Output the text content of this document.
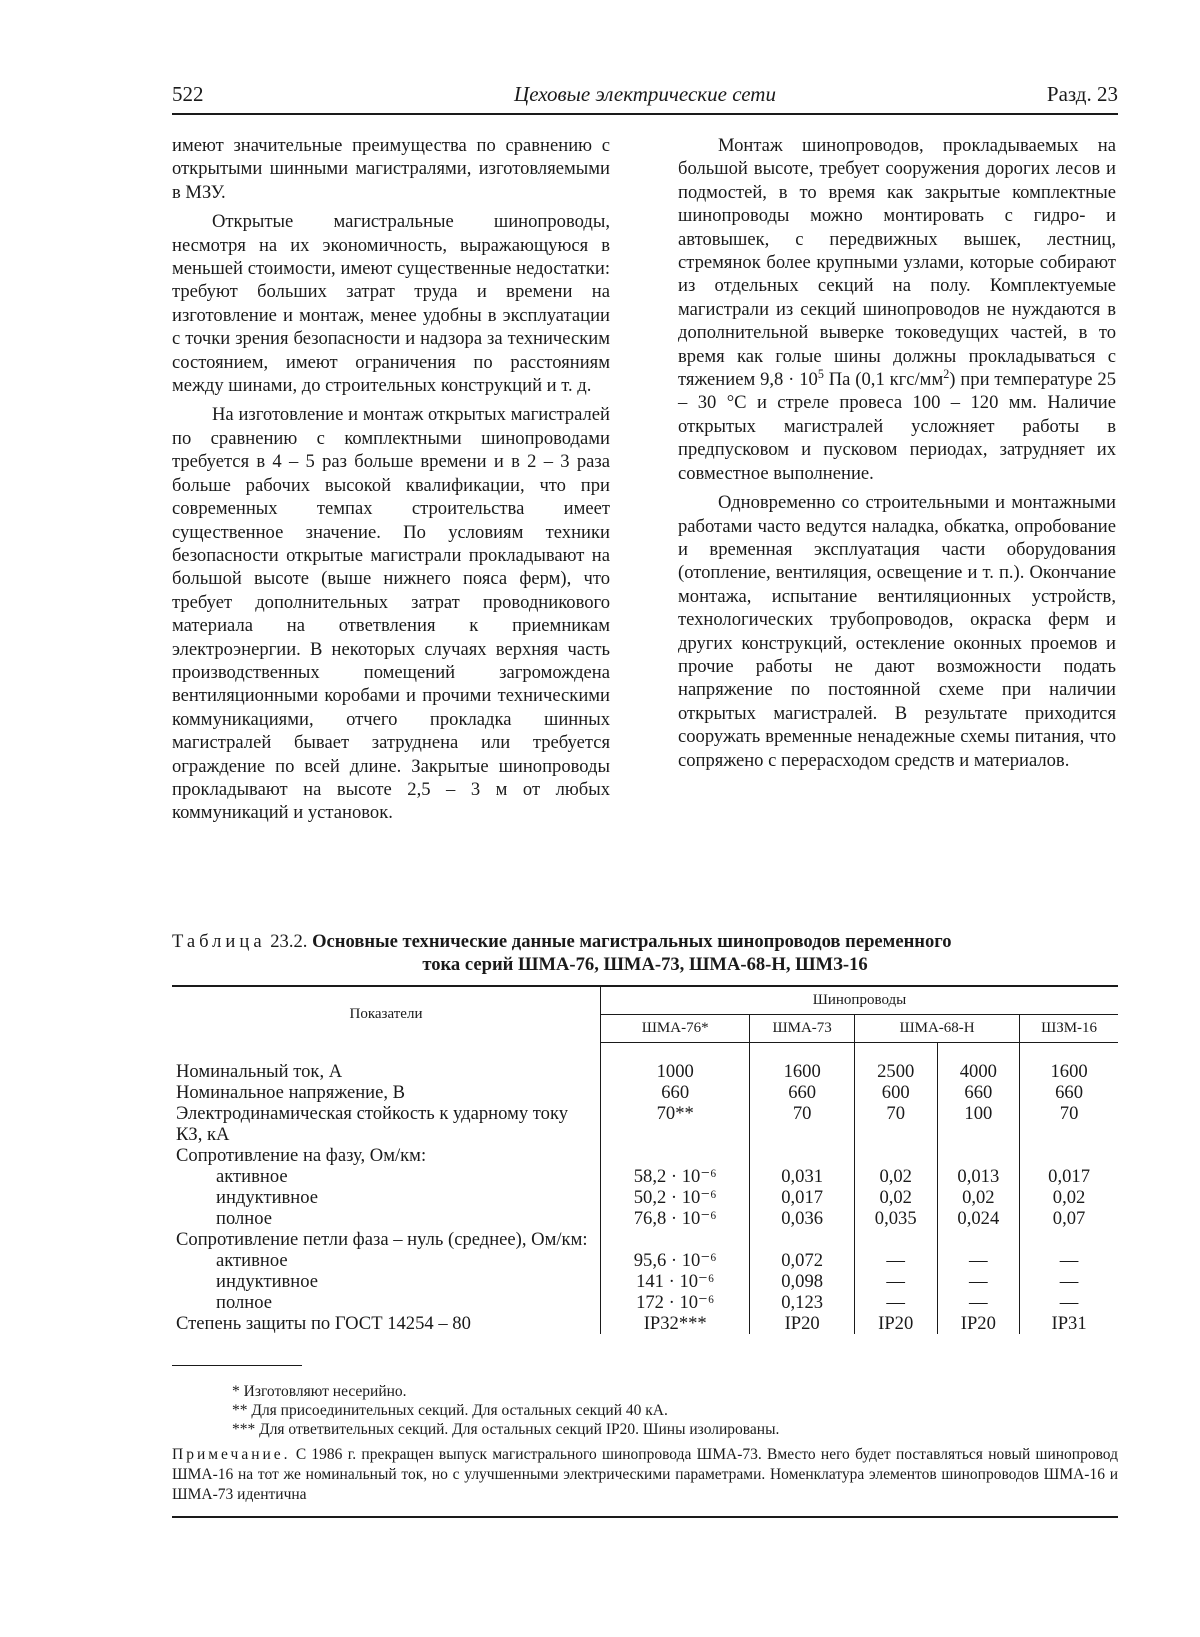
522	Цеховые электрические сети	Разд. 23

имеют значительные преимущества по сравнению с открытыми шинными магистралями, изготовляемыми в МЗУ.

Открытые магистральные шинопроводы, несмотря на их экономичность, выражающуюся в меньшей стоимости, имеют существенные недостатки: требуют больших затрат труда и времени на изготовление и монтаж, менее удобны в эксплуатации с точки зрения безопасности и надзора за техническим состоянием, имеют ограничения по расстояниям между шинами, до строительных конструкций и т. д.

На изготовление и монтаж открытых магистралей по сравнению с комплектными шинопроводами требуется в 4 – 5 раз больше времени и в 2 – 3 раза больше рабочих высокой квалификации, что при современных темпах строительства имеет существенное значение. По условиям техники безопасности открытые магистрали прокладывают на большой высоте (выше нижнего пояса ферм), что требует дополнительных затрат проводникового материала на ответвления к приемникам электроэнергии. В некоторых случаях верхняя часть производственных помещений загромождена вентиляционными коробами и прочими техническими коммуникациями, отчего прокладка шинных магистралей бывает затруднена или требуется ограждение по всей длине. Закрытые шинопроводы прокладывают на высоте 2,5 – 3 м от любых коммуникаций и установок.

Монтаж шинопроводов, прокладываемых на большой высоте, требует сооружения дорогих лесов и подмостей, в то время как закрытые комплектные шинопроводы можно монтировать с гидро- и автовышек, с передвижных вышек, лестниц, стремянок более крупными узлами, которые собирают из отдельных секций на полу. Комплектуемые магистрали из секций шинопроводов не нуждаются в дополнительной выверке токоведущих частей, в то время как голые шины должны прокладываться с тяжением $9,8 \cdot 10^5$ Па (0,1 кгс/$мм^2$) при температуре 25 – 30 °С и стреле провеса 100 – 120 мм. Наличие открытых магистралей усложняет работы в предпусковом и пусковом периодах, затрудняет их совместное выполнение.

Одновременно со строительными и монтажными работами часто ведутся наладка, обкатка, опробование и временная эксплуатация части оборудования (отопление, вентиляция, освещение и т. п.). Окончание монтажа, испытание вентиляционных устройств, технологических трубопроводов, окраска ферм и других конструкций, остекление оконных проемов и прочие работы не дают возможности подать напряжение по постоянной схеме при наличии открытых магистралей. В результате приходится сооружать временные ненадежные схемы питания, что сопряжено с перерасходом средств и материалов.

Таблица 23.2. Основные технические данные магистральных шинопроводов переменного
тока серий ШМА-76, ШМА-73, ШМА-68-Н, ШМЗ-16
Показатели	Шинопроводы				
	ШМА-76*	ШМА-73	ШМА-68-Н		ШЗМ-16
Номинальный ток, А	1000	1600	2500	4000	1600
Номинальное напряжение, В	660	660	600	660	660
Электродинамическая стойкость к ударному току КЗ, кА	70**	70	70	100	70
Сопротивление на фазу, Ом/км:					
активное	58,2 · 10⁻⁶	0,031	0,02	0,013	0,017
индуктивное	50,2 · 10⁻⁶	0,017	0,02	0,02	0,02
полное	76,8 · 10⁻⁶	0,036	0,035	0,024	0,07
Сопротивление петли фаза – нуль (среднее), Ом/км:					
активное	95,6 · 10⁻⁶	0,072	—	—	—
индуктивное	141 · 10⁻⁶	0,098	—	—	—
полное	172 · 10⁻⁶	0,123	—	—	—
Степень защиты по ГОСТ 14254 – 80	IP32***	IP20	IP20	IP20	IP31
* Изготовляют несерийно.
** Для присоединительных секций. Для остальных секций 40 кА.
*** Для ответвительных секций. Для остальных секций IP20. Шины изолированы.
Примечание. С 1986 г. прекращен выпуск магистрального шинопровода ШМА-73. Вместо него будет поставляться новый шинопровод ШМА-16 на тот же номинальный ток, но с улучшенными электрическими параметрами. Номенклатура элементов шинопроводов ШМА-16 и ШМА-73 идентична
